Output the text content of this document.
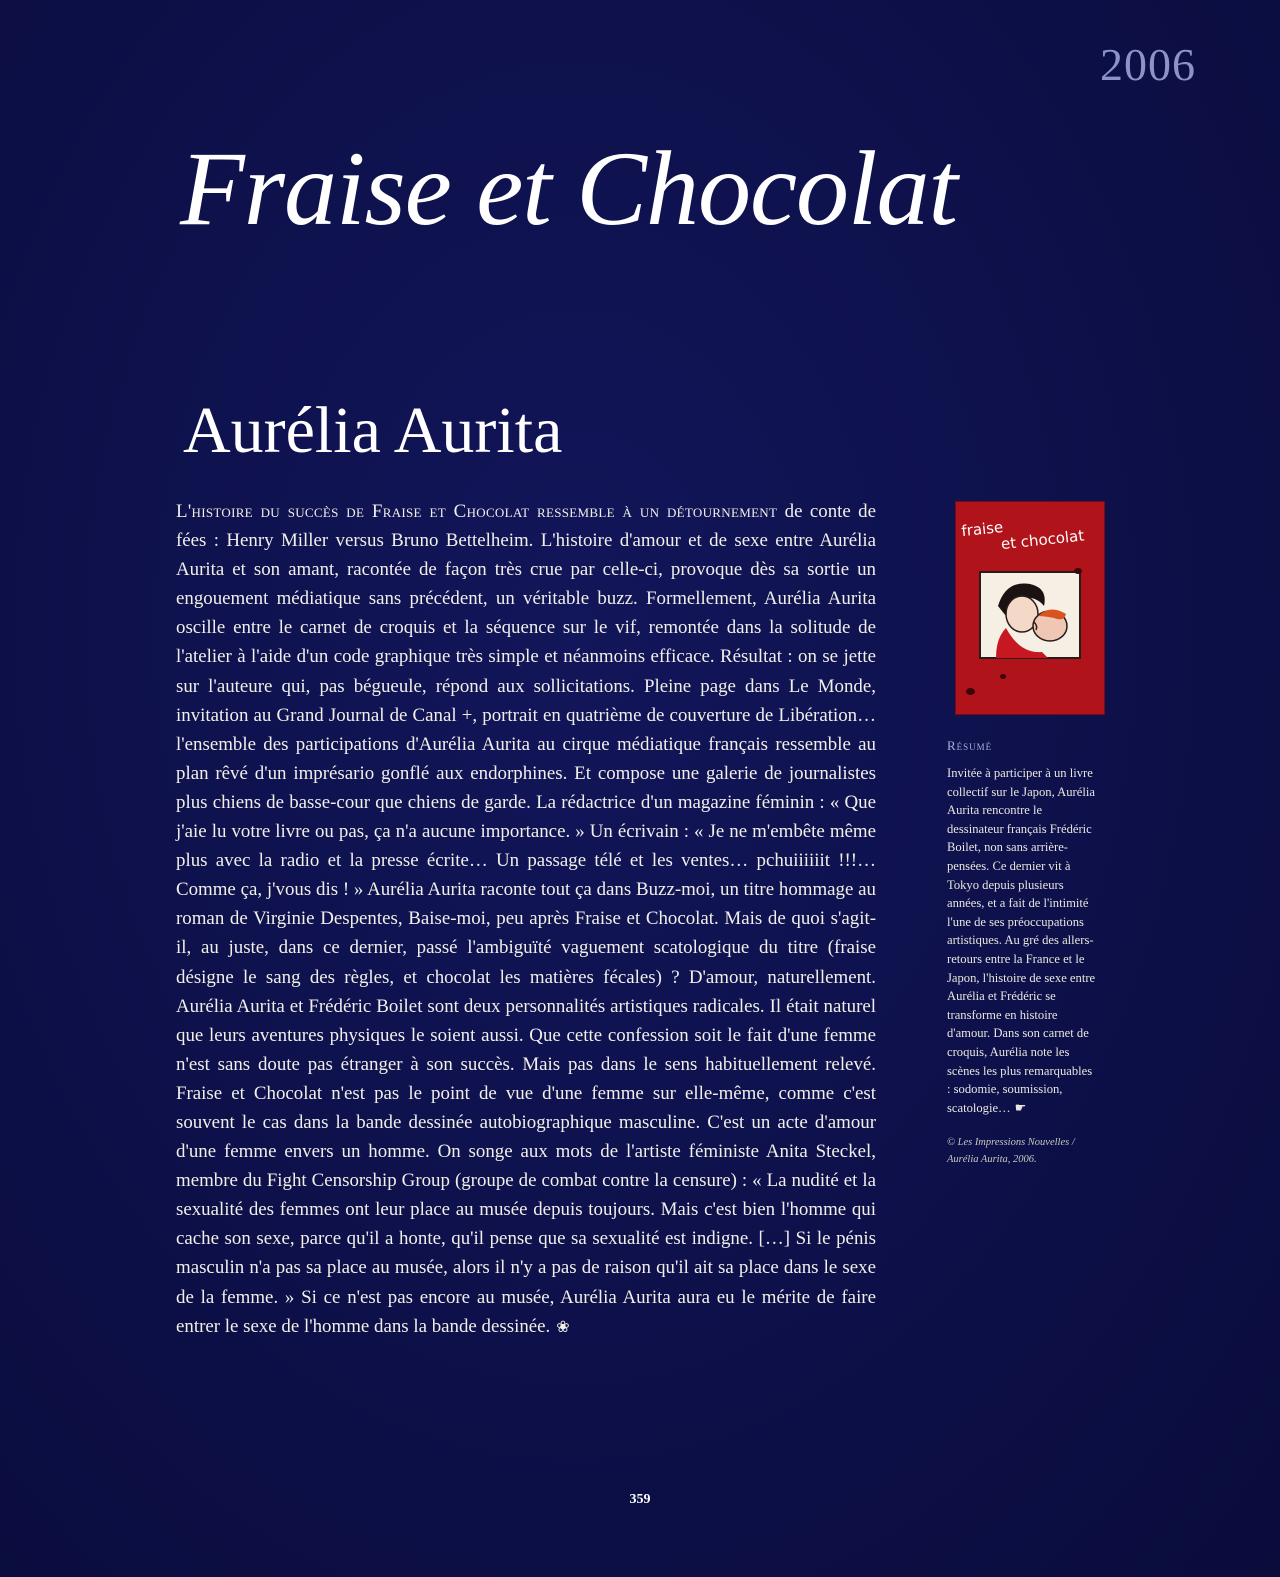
2006
Fraise et Chocolat
Aurélia Aurita

L'histoire du succès de Fraise et Chocolat ressemble à un détournement de conte de fées : Henry Miller versus Bruno Bettelheim. L'histoire d'amour et de sexe entre Aurélia Aurita et son amant, racontée de façon très crue par celle-ci, provoque dès sa sortie un engouement médiatique sans précédent, un véritable buzz. Formellement, Aurélia Aurita oscille entre le carnet de croquis et la séquence sur le vif, remontée dans la solitude de l'atelier à l'aide d'un code graphique très simple et néanmoins efficace. Résultat : on se jette sur l'auteure qui, pas bégueule, répond aux sollicitations. Pleine page dans Le Monde, invitation au Grand Journal de Canal +, portrait en quatrième de couverture de Libération… l'ensemble des participations d'Aurélia Aurita au cirque médiatique français ressemble au plan rêvé d'un imprésario gonflé aux endorphines. Et compose une galerie de journalistes plus chiens de basse-cour que chiens de garde. La rédactrice d'un magazine féminin : « Que j'aie lu votre livre ou pas, ça n'a aucune importance. » Un écrivain : « Je ne m'embête même plus avec la radio et la presse écrite… Un passage télé et les ventes… pchuiiiiiit !!!… Comme ça, j'vous dis ! » Aurélia Aurita raconte tout ça dans Buzz-moi, un titre hommage au roman de Virginie Despentes, Baise-moi, peu après Fraise et Chocolat. Mais de quoi s'agit-il, au juste, dans ce dernier, passé l'ambiguïté vaguement scatologique du titre (fraise désigne le sang des règles, et chocolat les matières fécales) ? D'amour, naturellement. Aurélia Aurita et Frédéric Boilet sont deux personnalités artistiques radicales. Il était naturel que leurs aventures physiques le soient aussi. Que cette confession soit le fait d'une femme n'est sans doute pas étranger à son succès. Mais pas dans le sens habituellement relevé. Fraise et Chocolat n'est pas le point de vue d'une femme sur elle-même, comme c'est souvent le cas dans la bande dessinée autobiographique masculine. C'est un acte d'amour d'une femme envers un homme. On songe aux mots de l'artiste féministe Anita Steckel, membre du Fight Censorship Group (groupe de combat contre la censure) : « La nudité et la sexualité des femmes ont leur place au musée depuis toujours. Mais c'est bien l'homme qui cache son sexe, parce qu'il a honte, qu'il pense que sa sexualité est indigne. […] Si le pénis masculin n'a pas sa place au musée, alors il n'y a pas de raison qu'il ait sa place dans le sexe de la femme. » Si ce n'est pas encore au musée, Aurélia Aurita aura eu le mérite de faire entrer le sexe de l'homme dans la bande dessinée. ❀

fraise
et chocolat
Résumé
Invitée à participer à un livre collectif sur le Japon, Aurélia Aurita rencontre le dessinateur français Frédéric Boilet, non sans arrière-pensées. Ce dernier vit à Tokyo depuis plusieurs années, et a fait de l'intimité l'une de ses préoccupations artistiques. Au gré des allers-retours entre la France et le Japon, l'histoire de sexe entre Aurélia et Frédéric se transforme en histoire d'amour. Dans son carnet de croquis, Aurélia note les scènes les plus remarquables : sodomie, soumission, scatologie… ☛
© Les Impressions Nouvelles / Aurélia Aurita, 2006.
359
